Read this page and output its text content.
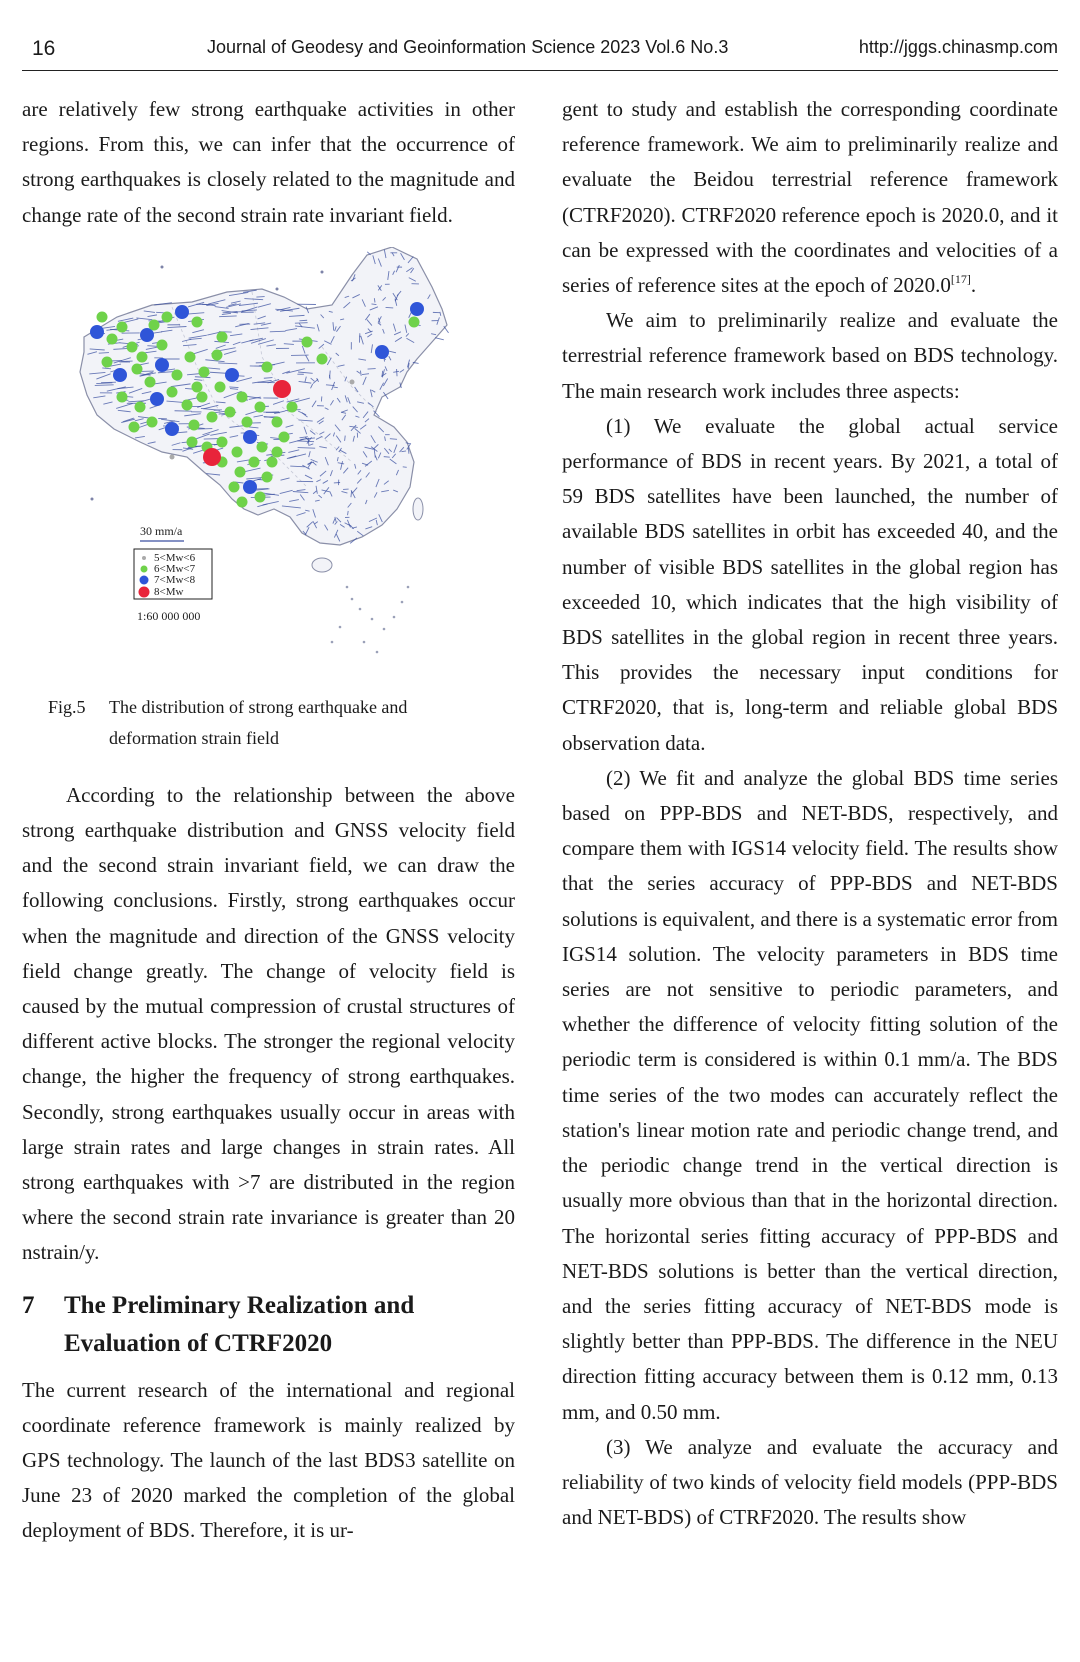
16	Journal of Geodesy and Geoinformation Science 2023 Vol.6 No.3	http://jggs.chinasmp.com

are relatively few strong earthquake activities in other regions. From this, we can infer that the occurrence of strong earthquakes is closely related to the magnitude and change rate of the second strain rate invariant field.

30 mm/a
5<Mw<6
6<Mw<7
7<Mw<8
8<Mw
1:60 000 000
Fig.5 The distribution of strong earthquake and deformation strain field

According to the relationship between the above strong earthquake distribution and GNSS velocity field and the second strain invariant field, we can draw the following conclusions. Firstly, strong earthquakes occur when the magnitude and direction of the GNSS velocity field change greatly. The change of velocity field is caused by the mutual compression of crustal structures of different active blocks. The stronger the regional velocity change, the higher the frequency of strong earthquakes. Secondly, strong earthquakes usually occur in areas with large strain rates and large changes in strain rates. All strong earthquakes with >7 are distributed in the region where the second strain rate invariance is greater than 20 nstrain/y.

7 The Preliminary Realization and Evaluation of CTRF2020

The current research of the international and regional coordinate reference framework is mainly realized by GPS technology. The launch of the last BDS3 satellite on June 23 of 2020 marked the completion of the global deployment of BDS. Therefore, it is ur-

gent to study and establish the corresponding coordinate reference framework. We aim to preliminarily realize and evaluate the Beidou terrestrial reference framework (CTRF2020). CTRF2020 reference epoch is 2020.0, and it can be expressed with the coordinates and velocities of a series of reference sites at the epoch of 2020.0[17].

We aim to preliminarily realize and evaluate the terrestrial reference framework based on BDS technology. The main research work includes three aspects:

(1) We evaluate the global actual service performance of BDS in recent years. By 2021, a total of 59 BDS satellites have been launched, the number of available BDS satellites in orbit has exceeded 40, and the number of visible BDS satellites in the global region has exceeded 10, which indicates that the high visibility of BDS satellites in the global region in recent three years. This provides the necessary input conditions for CTRF2020, that is, long-term and reliable global BDS observation data.

(2) We fit and analyze the global BDS time series based on PPP-BDS and NET-BDS, respectively, and compare them with IGS14 velocity field. The results show that the series accuracy of PPP-BDS and NET-BDS solutions is equivalent, and there is a systematic error from IGS14 solution. The velocity parameters in BDS time series are not sensitive to periodic parameters, and whether the difference of velocity fitting solution of the periodic term is considered is within 0.1 mm/a. The BDS time series of the two modes can accurately reflect the station's linear motion rate and periodic change trend, and the periodic change trend in the vertical direction is usually more obvious than that in the horizontal direction. The horizontal series fitting accuracy of PPP-BDS and NET-BDS solutions is better than the vertical direction, and the series fitting accuracy of NET-BDS mode is slightly better than PPP-BDS. The difference in the NEU direction fitting accuracy between them is 0.12 mm, 0.13 mm, and 0.50 mm.

(3) We analyze and evaluate the accuracy and reliability of two kinds of velocity field models (PPP-BDS and NET-BDS) of CTRF2020. The results show
